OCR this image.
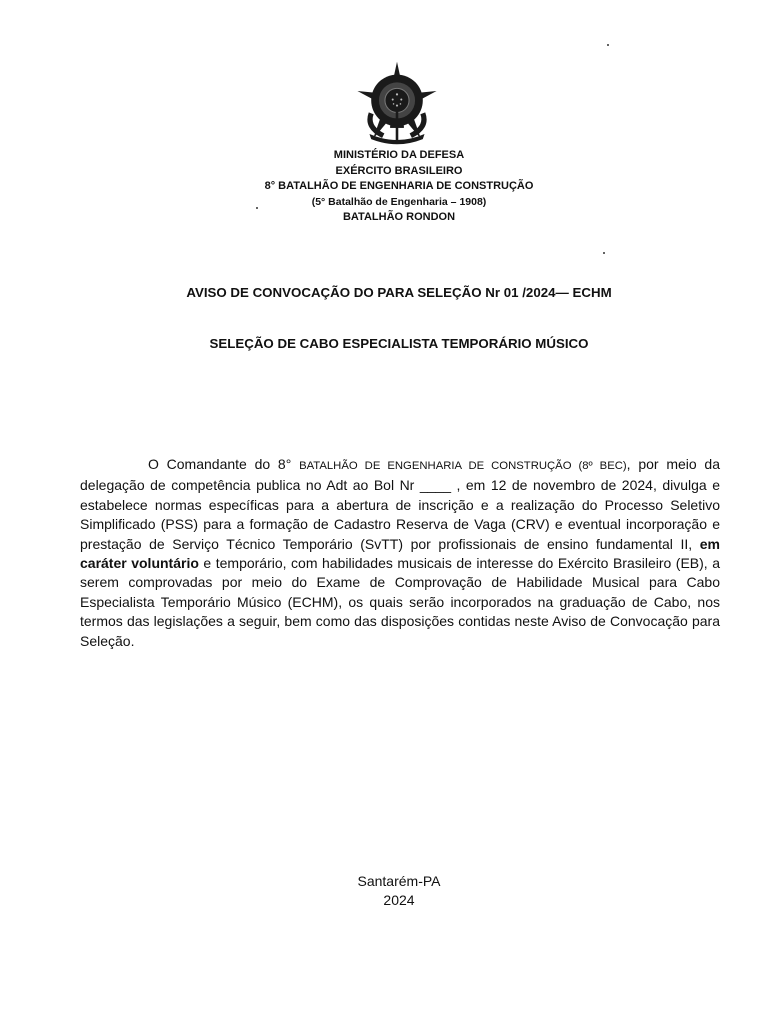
MINISTÉRIO DA DEFESA
EXÉRCITO BRASILEIRO
8° BATALHÃO DE ENGENHARIA DE CONSTRUÇÃO
(5° Batalhão de Engenharia – 1908)
BATALHÃO RONDON
AVISO DE CONVOCAÇÃO DO PARA SELEÇÃO Nr 01 /2024— ECHM
SELEÇÃO DE CABO ESPECIALISTA TEMPORÁRIO MÚSICO

O Comandante do 8° BATALHÃO DE ENGENHARIA DE CONSTRUÇÃO (8º BEC), por meio da delegação de competência publica no Adt ao Bol Nr ____ , em 12 de novembro de 2024, divulga e estabelece normas específicas para a abertura de inscrição e a realização do Processo Seletivo Simplificado (PSS) para a formação de Cadastro Reserva de Vaga (CRV) e eventual incorporação e prestação de Serviço Técnico Temporário (SvTT) por profissionais de ensino fundamental II, em caráter voluntário e temporário, com habilidades musicais de interesse do Exército Brasileiro (EB), a serem comprovadas por meio do Exame de Comprovação de Habilidade Musical para Cabo Especialista Temporário Músico (ECHM), os quais serão incorporados na graduação de Cabo, nos termos das legislações a seguir, bem como das disposições contidas neste Aviso de Convocação para Seleção.

Santarém-PA
2024
